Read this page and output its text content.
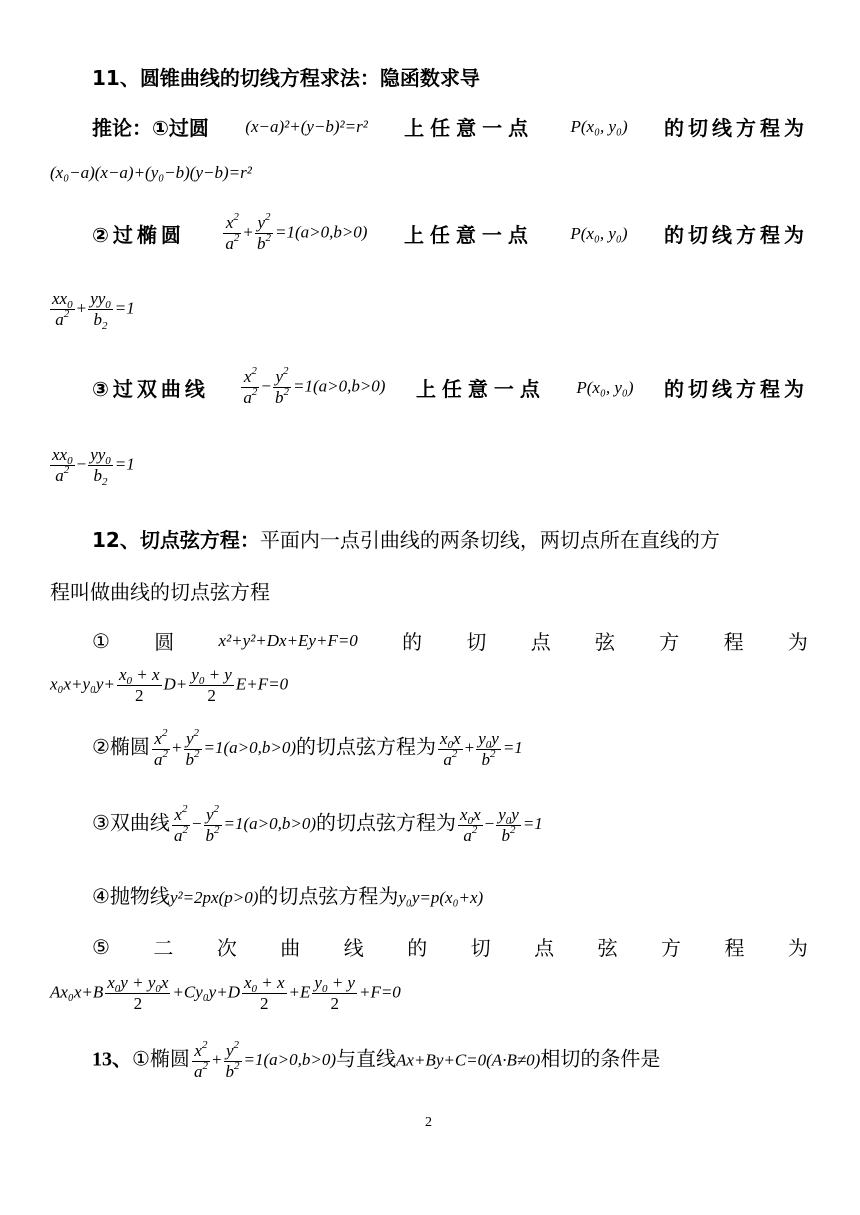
11、圆锥曲线的切线方程求法：隐函数求导
推论：①过圆 (x−a)²+(y−b)²=r² 上任意一点 P(x₀, y₀) 的切线方程为
(x₀−a)(x−a)+(y₀−b)(y−b)=r²
②过椭圆 $\frac{x^2}{a^2} + \frac{y^2}{b^2} =1(a>0,b>0)$ 上任意一点 P(x₀, y₀) 的切线方程为
$\frac{xx_0}{a^2} + \frac{yy_0}{b_2} =1$
③过双曲线 $\frac{x^2}{a^2} - \frac{y^2}{b^2} =1(a>0,b>0)$ 上任意一点 P(x₀, y₀) 的切线方程为
$\frac{xx_0}{a^2} - \frac{yy_0}{b_2} =1$
12、切点弦方程：平面内一点引曲线的两条切线，两切点所在直线的方
程叫做曲线的切点弦方程
① 圆	x²+y²+Dx+Ey+F=0 的 切 点 弦 方 程 为
$x_0x+y_0y+ \frac{x_0 + x}{2} D+ \frac{y_0 + y}{2} E+F=0$
②椭圆 $\frac{x^2}{a^2} + \frac{y^2}{b^2} =1(a>0,b>0)$的切点弦方程为 $\frac{x_0x}{a^2} + \frac{y_0y}{b^2} =1$
③双曲线 $\frac{x^2}{a^2} - \frac{y^2}{b^2} =1(a>0,b>0)$的切点弦方程为 $\frac{x_0x}{a^2} - \frac{y_0y}{b^2} =1$
④抛物线y²=2px(p>0)的切点弦方程为y₀y=p(x₀+x)
⑤ 二 次 曲 线 的 切 点 弦 方 程 为
$Ax_0x+B \frac{x_0y + y_0x}{2} +Cy_0y+D \frac{x_0 + x}{2} +E \frac{y_0 + y}{2} +F=0$
13、①椭圆 $\frac{x^2}{a^2} + \frac{y^2}{b^2} =1(a>0,b>0)$与直线Ax+By+C=0(A·B≠0)相切的条件是
2
